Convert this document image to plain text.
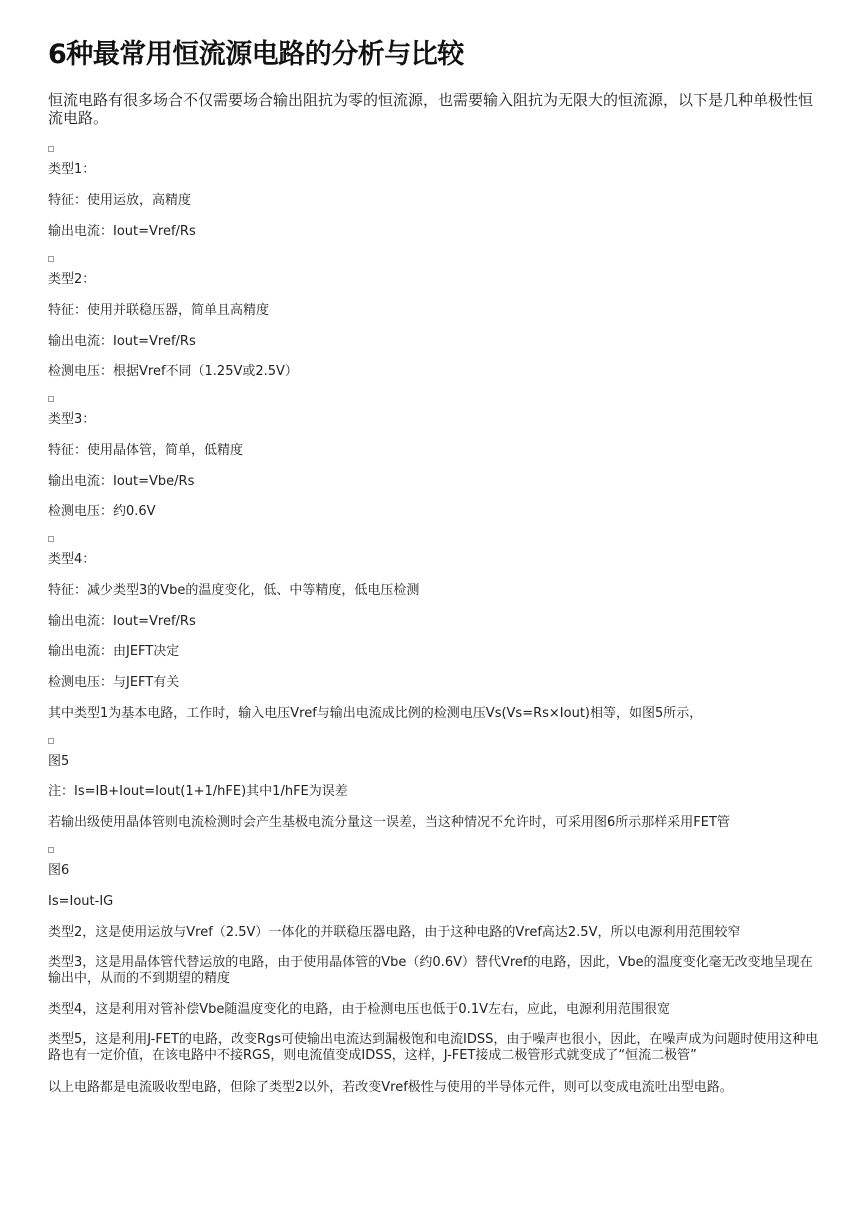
6种最常用恒流源电路的分析与比较

恒流电路有很多场合不仅需要场合输出阻抗为零的恒流源，也需要输入阻抗为无限大的恒流源，以下是几种单极性恒流电路。

类型1：

特征：使用运放，高精度

输出电流：Iout=Vref/Rs

类型2：

特征：使用并联稳压器，简单且高精度

输出电流：Iout=Vref/Rs

检测电压：根据Vref不同（1.25V或2.5V）

类型3：

特征：使用晶体管，简单，低精度

输出电流：Iout=Vbe/Rs

检测电压：约0.6V

类型4：

特征：减少类型3的Vbe的温度变化，低、中等精度，低电压检测

输出电流：Iout=Vref/Rs

输出电流：由JEFT决定

检测电压：与JEFT有关

其中类型1为基本电路，工作时，输入电压Vref与输出电流成比例的检测电压Vs(Vs=Rs×Iout)相等，如图5所示，

图5

注：Is=IB+Iout=Iout(1+1/hFE)其中1/hFE为误差

若输出级使用晶体管则电流检测时会产生基极电流分量这一误差，当这种情况不允许时，可采用图6所示那样采用FET管

图6

Is=Iout-IG

类型2，这是使用运放与Vref（2.5V）一体化的并联稳压器电路，由于这种电路的Vref高达2.5V，所以电源利用范围较窄

类型3，这是用晶体管代替运放的电路，由于使用晶体管的Vbe（约0.6V）替代Vref的电路，因此，Vbe的温度变化毫无改变地呈现在输出中，从而的不到期望的精度

类型4，这是利用对管补偿Vbe随温度变化的电路，由于检测电压也低于0.1V左右，应此，电源利用范围很宽

类型5，这是利用J-FET的电路，改变Rgs可使输出电流达到漏极饱和电流IDSS，由于噪声也很小，因此，在噪声成为问题时使用这种电路也有一定价值，在该电路中不接RGS，则电流值变成IDSS，这样，J-FET接成二极管形式就变成了“恒流二极管”

以上电路都是电流吸收型电路，但除了类型2以外，若改变Vref极性与使用的半导体元件，则可以变成电流吐出型电路。
